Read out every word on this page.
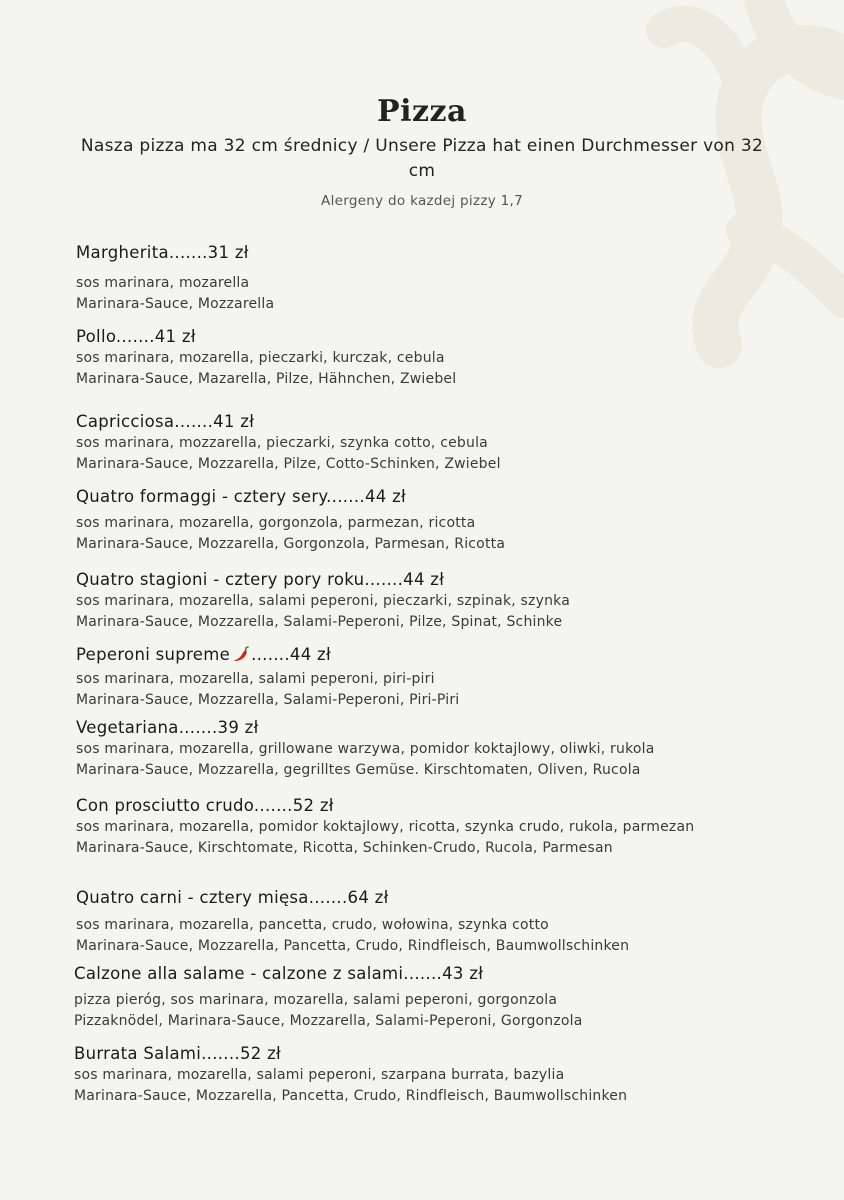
Pizza
Nasza pizza ma 32 cm średnicy / Unsere Pizza hat einen Durchmesser von 32 cm
Alergeny do kazdej pizzy 1,7
Margherita.......31 zł
sos marinara, mozarella
Marinara-Sauce, Mozzarella
Pollo.......41 zł
sos marinara, mozarella, pieczarki, kurczak, cebula
Marinara-Sauce, Mazarella, Pilze, Hähnchen, Zwiebel
Capricciosa.......41 zł
sos marinara, mozzarella, pieczarki, szynka cotto, cebula
Marinara-Sauce, Mozzarella, Pilze, Cotto-Schinken, Zwiebel
Quatro formaggi - cztery sery.......44 zł
sos marinara, mozarella, gorgonzola, parmezan, ricotta
Marinara-Sauce, Mozzarella, Gorgonzola, Parmesan, Ricotta
Quatro stagioni - cztery pory roku.......44 zł
sos marinara, mozarella, salami peperoni, pieczarki, szpinak, szynka
Marinara-Sauce, Mozzarella, Salami-Peperoni, Pilze, Spinat, Schinke
Peperoni supreme .......44 zł
sos marinara, mozarella, salami peperoni, piri-piri
Marinara-Sauce, Mozzarella, Salami-Peperoni, Piri-Piri
Vegetariana.......39 zł
sos marinara, mozarella, grillowane warzywa, pomidor koktajlowy, oliwki, rukola
Marinara-Sauce, Mozzarella, gegrilltes Gemüse. Kirschtomaten, Oliven, Rucola
Con prosciutto crudo.......52 zł
sos marinara, mozarella, pomidor koktajlowy, ricotta, szynka crudo, rukola, parmezan
Marinara-Sauce, Kirschtomate, Ricotta, Schinken-Crudo, Rucola, Parmesan
Quatro carni - cztery mięsa.......64 zł
sos marinara, mozarella, pancetta, crudo, wołowina, szynka cotto
Marinara-Sauce, Mozzarella, Pancetta, Crudo, Rindfleisch, Baumwollschinken
Calzone alla salame - calzone z salami.......43 zł
pizza pieróg, sos marinara, mozarella, salami peperoni, gorgonzola
Pizzaknödel, Marinara-Sauce, Mozzarella, Salami-Peperoni, Gorgonzola
Burrata Salami.......52 zł
sos marinara, mozarella, salami peperoni, szarpana burrata, bazylia
Marinara-Sauce, Mozzarella, Pancetta, Crudo, Rindfleisch, Baumwollschinken
